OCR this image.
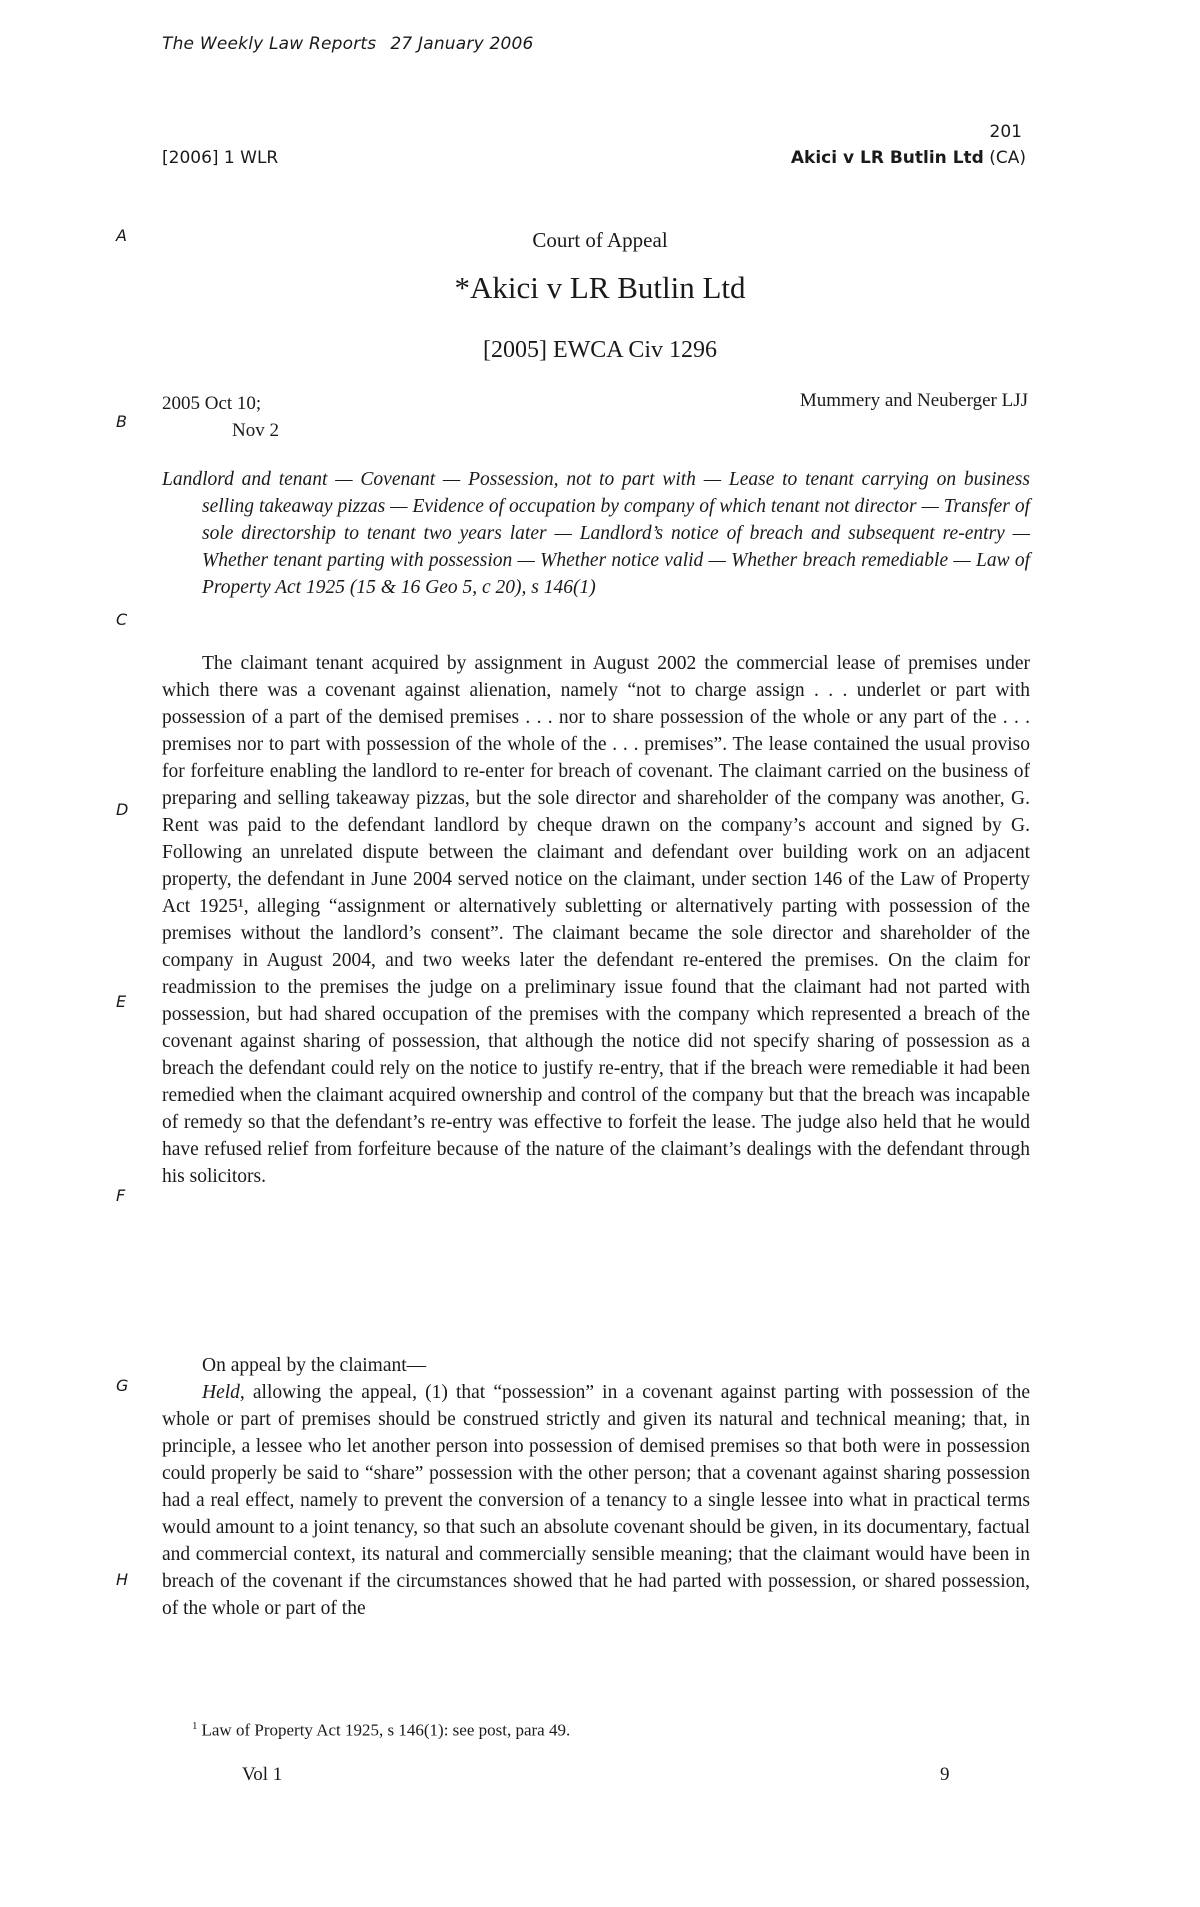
The Weekly Law Reports 27 January 2006
201
[2006] 1 WLR	Akici v LR Butlin Ltd (CA)
A
B
C
D
E
F
G
H
Court of Appeal
*Akici v LR Butlin Ltd
[2005] EWCA Civ 1296
2005 Oct 10;
Nov 2
Mummery and Neuberger LJJ
Landlord and tenant — Covenant — Possession, not to part with — Lease to tenant carrying on business selling takeaway pizzas — Evidence of occupation by company of which tenant not director — Transfer of sole directorship to tenant two years later — Landlord’s notice of breach and subsequent re-entry — Whether tenant parting with possession — Whether notice valid — Whether breach remediable — Law of Property Act 1925 (15 & 16 Geo 5, c 20), s 146(1)

The claimant tenant acquired by assignment in August 2002 the commercial lease of premises under which there was a covenant against alienation, namely “not to charge assign . . . underlet or part with possession of a part of the demised premises . . . nor to share possession of the whole or any part of the . . . premises nor to part with possession of the whole of the . . . premises”. The lease contained the usual proviso for forfeiture enabling the landlord to re-enter for breach of covenant. The claimant carried on the business of preparing and selling takeaway pizzas, but the sole director and shareholder of the company was another, G. Rent was paid to the defendant landlord by cheque drawn on the company’s account and signed by G. Following an unrelated dispute between the claimant and defendant over building work on an adjacent property, the defendant in June 2004 served notice on the claimant, under section 146 of the Law of Property Act 1925¹, alleging “assignment or alternatively subletting or alternatively parting with possession of the premises without the landlord’s consent”. The claimant became the sole director and shareholder of the company in August 2004, and two weeks later the defendant re-entered the premises. On the claim for readmission to the premises the judge on a preliminary issue found that the claimant had not parted with possession, but had shared occupation of the premises with the company which represented a breach of the covenant against sharing of possession, that although the notice did not specify sharing of possession as a breach the defendant could rely on the notice to justify re-entry, that if the breach were remediable it had been remedied when the claimant acquired ownership and control of the company but that the breach was incapable of remedy so that the defendant’s re-entry was effective to forfeit the lease. The judge also held that he would have refused relief from forfeiture because of the nature of the claimant’s dealings with the defendant through his solicitors.

On appeal by the claimant—

Held, allowing the appeal, (1) that “possession” in a covenant against parting with possession of the whole or part of premises should be construed strictly and given its natural and technical meaning; that, in principle, a lessee who let another person into possession of demised premises so that both were in possession could properly be said to “share” possession with the other person; that a covenant against sharing possession had a real effect, namely to prevent the conversion of a tenancy to a single lessee into what in practical terms would amount to a joint tenancy, so that such an absolute covenant should be given, in its documentary, factual and commercial context, its natural and commercially sensible meaning; that the claimant would have been in breach of the covenant if the circumstances showed that he had parted with possession, or shared possession, of the whole or part of the

$^1$ Law of Property Act 1925, s 146(1): see post, para 49.
Vol 1	9
